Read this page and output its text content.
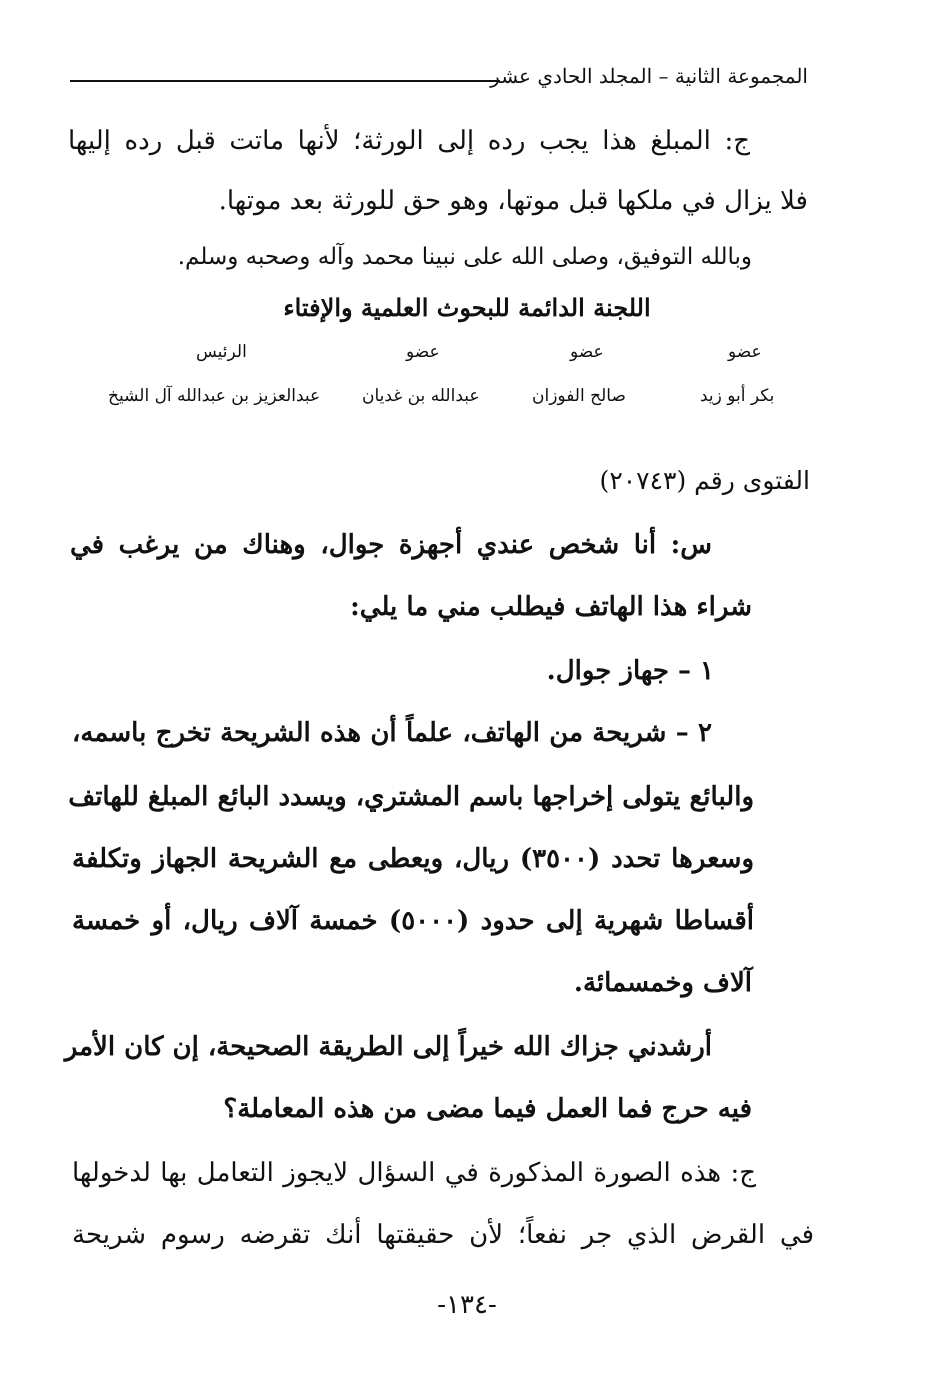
المجموعة الثانية – المجلد الحادي عشر
ج: المبلغ هذا يجب رده إلى الورثة؛ لأنها ماتت قبل رده إليها
فلا يزال في ملكها قبل موتها، وهو حق للورثة بعد موتها.
وبالله التوفيق، وصلى الله على نبينا محمد وآله وصحبه وسلم.
اللجنة الدائمة للبحوث العلمية والإفتاء
عضو
عضو
عضو
الرئيس
بكر أبو زيد
صالح الفوزان
عبدالله بن غديان
عبدالعزيز بن عبدالله آل الشيخ
الفتوى رقم (٢٠٧٤٣)
س: أنا شخص عندي أجهزة جوال، وهناك من يرغب في
شراء هذا الهاتف فيطلب مني ما يلي:
١ – جهاز جوال.
٢ – شريحة من الهاتف، علماً أن هذه الشريحة تخرج باسمه،
والبائع يتولى إخراجها باسم المشتري، ويسدد البائع المبلغ للهاتف
وسعرها تحدد (٣٥٠٠) ريال، ويعطى مع الشريحة الجهاز وتكلفة
أقساطا شهرية إلى حدود (٥٠٠٠) خمسة آلاف ريال، أو خمسة
آلاف وخمسمائة.
أرشدني جزاك الله خيراً إلى الطريقة الصحيحة، إن كان الأمر
فيه حرج فما العمل فيما مضى من هذه المعاملة؟
ج: هذه الصورة المذكورة في السؤال لايجوز التعامل بها لدخولها
في القرض الذي جر نفعاً؛ لأن حقيقتها أنك تقرضه رسوم شريحة
-١٣٤-
